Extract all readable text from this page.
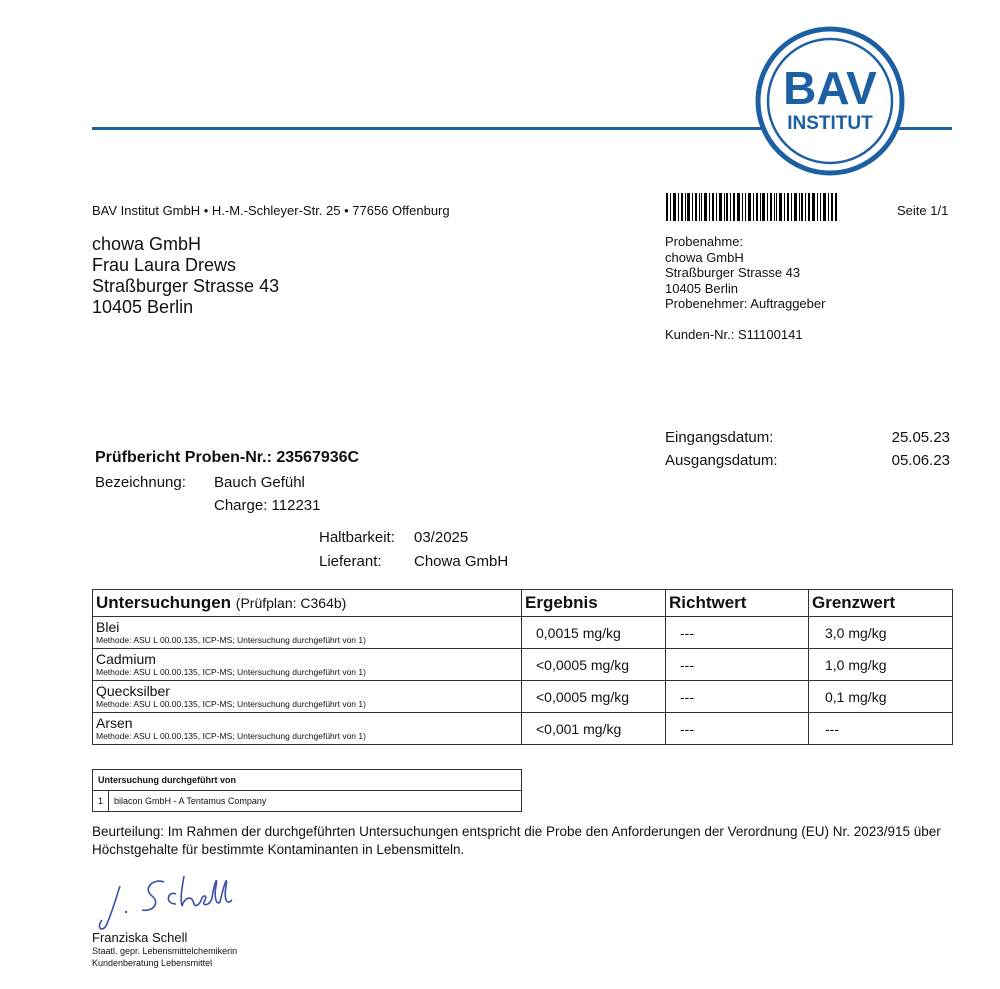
BAV
INSTITUT
BAV Institut GmbH • H.-M.-Schleyer-Str. 25 • 77656 Offenburg	Seite 1/1
chowa GmbH
Frau Laura Drews
Straßburger Strasse 43
10405 Berlin
Probenahme:
chowa GmbH
Straßburger Strasse 43
10405 Berlin
Probenehmer: Auftraggeber
Kunden-Nr.: S11100141
Eingangsdatum:	25.05.23
Ausgangsdatum:	05.06.23
Prüfbericht Proben-Nr.: 23567936C
Bezeichnung: Bauch Gefühl
Charge: 112231
Haltbarkeit: 03/2025
Lieferant: Chowa GmbH
Untersuchungen (Prüfplan: C364b)	Ergebnis	Richtwert	Grenzwert

Blei
Methode: ASU L 00.00.135, ICP-MS; Untersuchung durchgeführt von 1)	0,0015 mg/kg	---	3,0 mg/kg

Cadmium
Methode: ASU L 00.00.135, ICP-MS; Untersuchung durchgeführt von 1)	<0,0005 mg/kg	---	1,0 mg/kg

Quecksilber
Methode: ASU L 00.00.135, ICP-MS; Untersuchung durchgeführt von 1)	<0,0005 mg/kg	---	0,1 mg/kg

Arsen
Methode: ASU L 00.00.135, ICP-MS; Untersuchung durchgeführt von 1)	<0,001 mg/kg	---	---
Untersuchung durchgeführt von
1	bilacon GmbH - A Tentamus Company
Beurteilung: Im Rahmen der durchgeführten Untersuchungen entspricht die Probe den Anforderungen der Verordnung (EU) Nr. 2023/915 über Höchstgehalte für bestimmte Kontaminanten in Lebensmitteln.
Franziska Schell
Staatl. gepr. Lebensmittelchemikerin
Kundenberatung Lebensmittel
